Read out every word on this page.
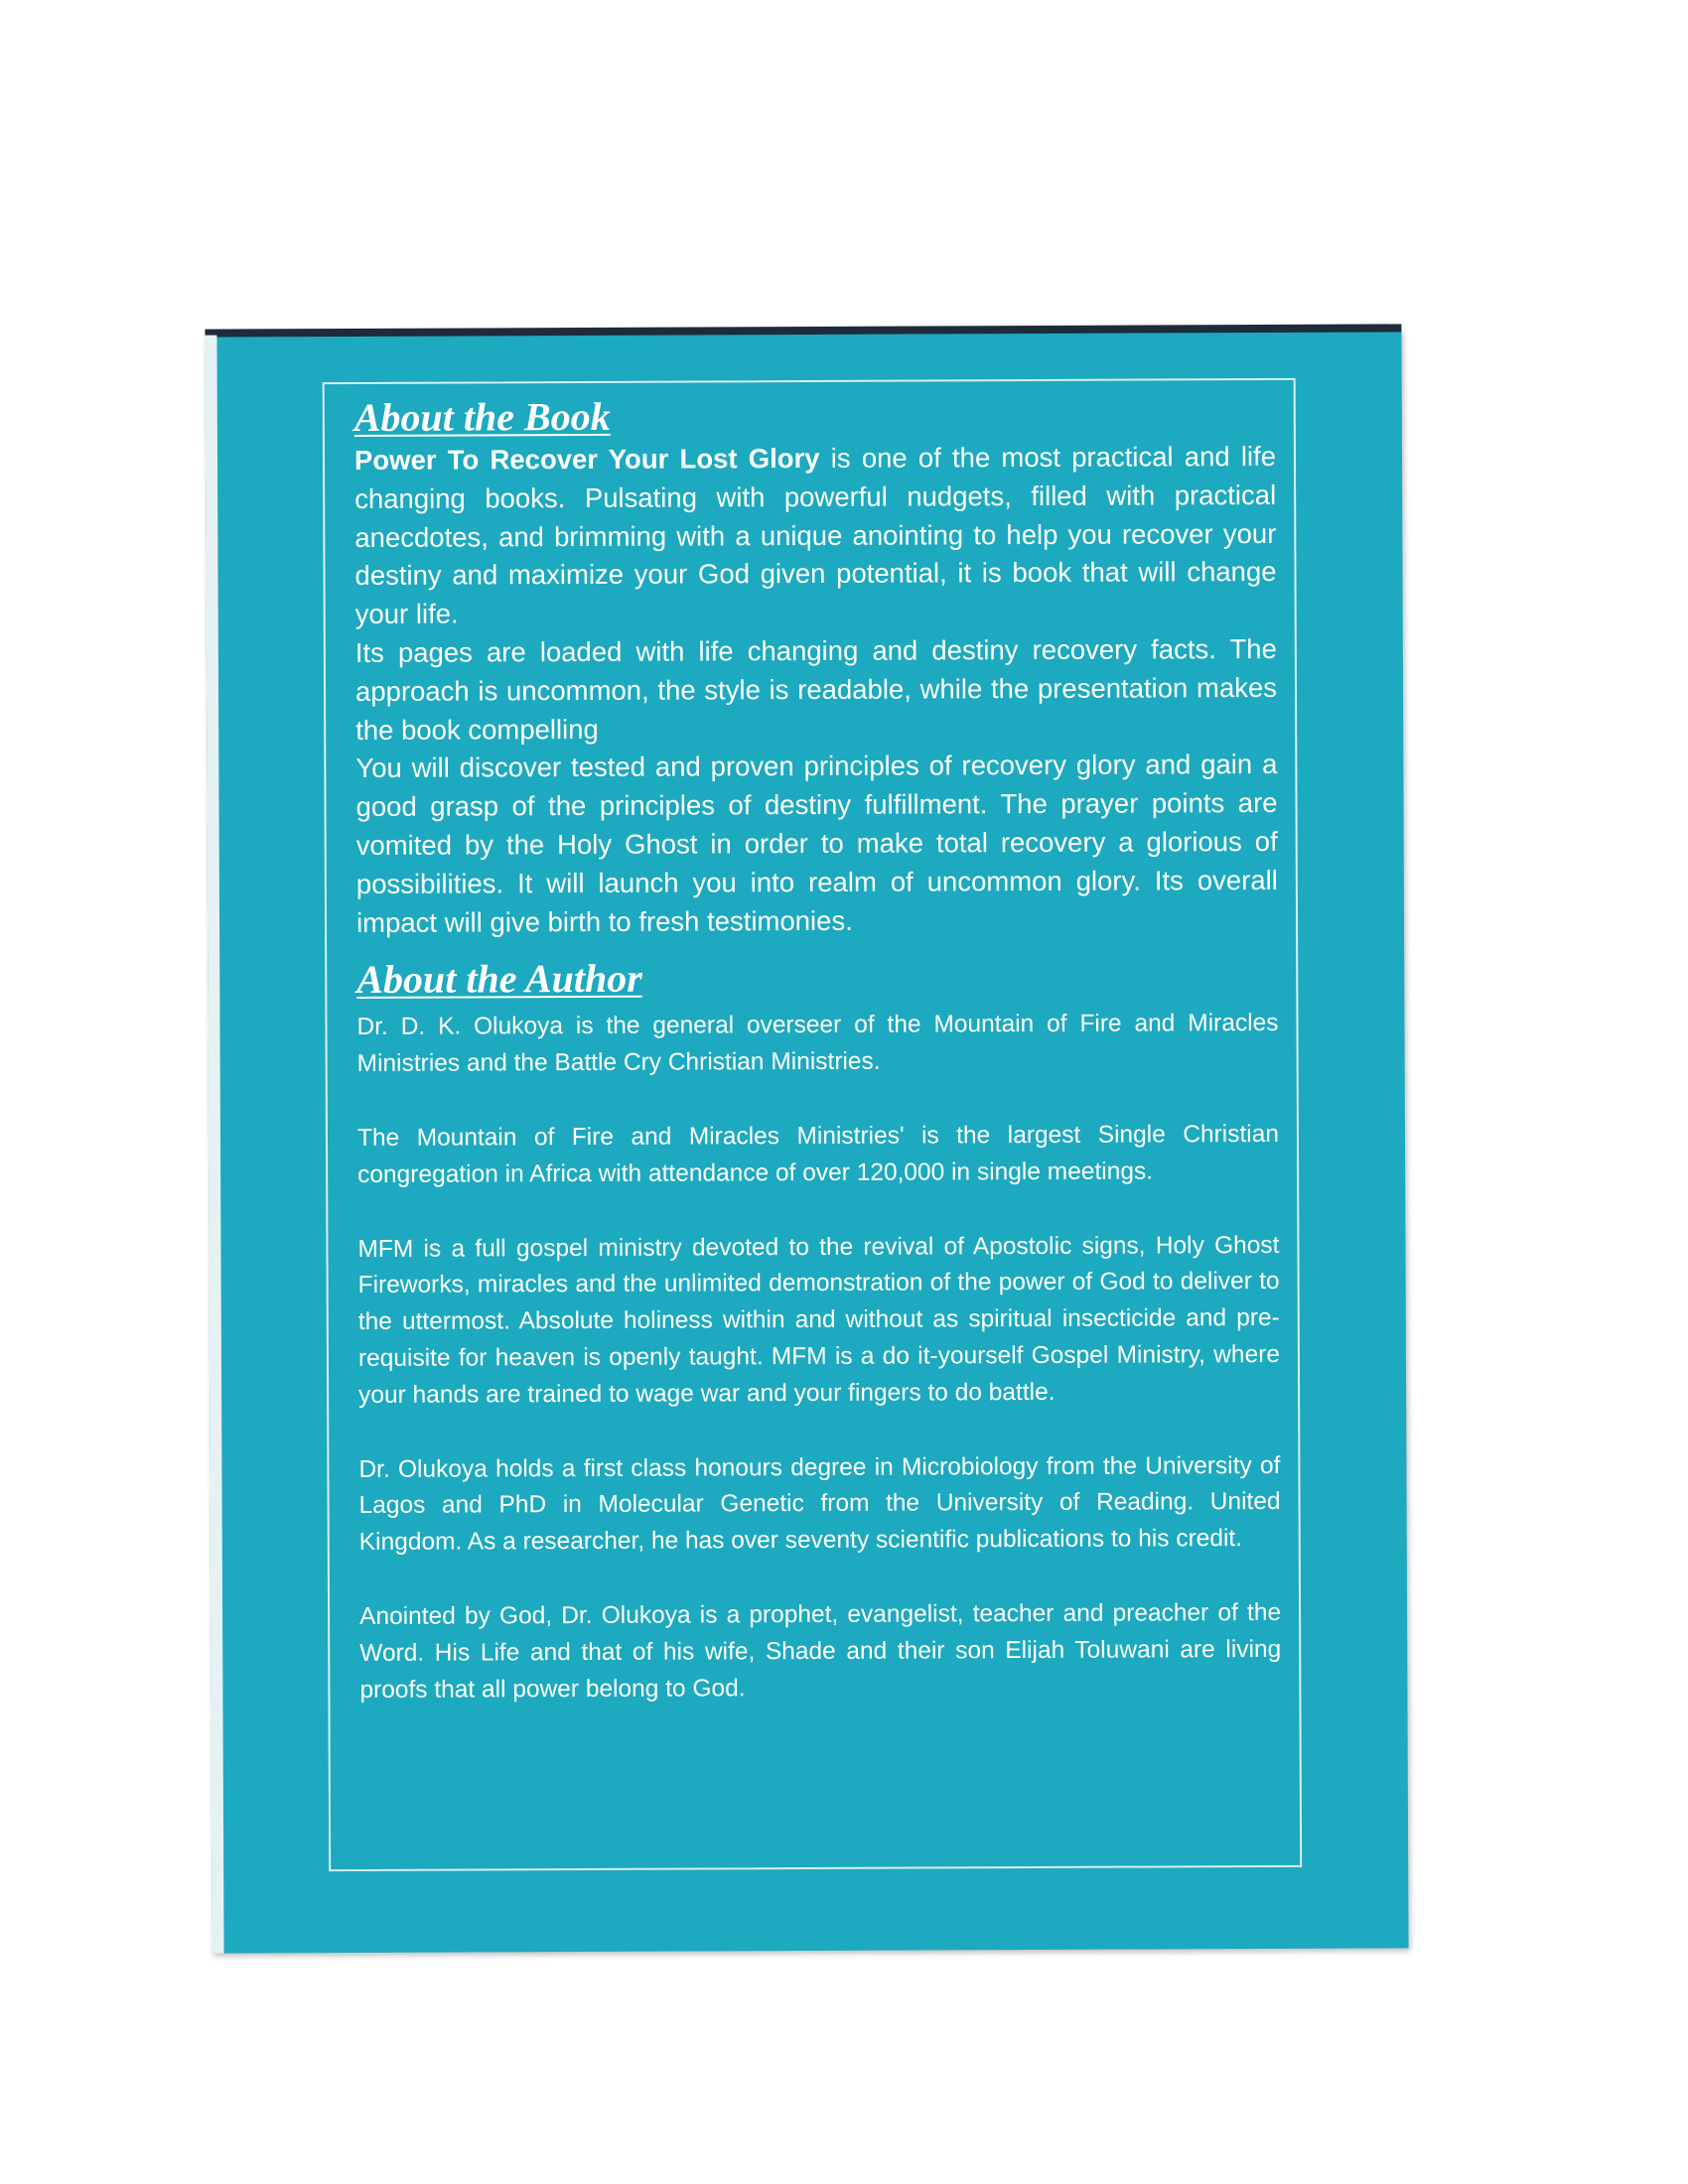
About the Book

Power To Recover Your Lost Glory is one of the most practical and life changing books. Pulsating with powerful nudgets, filled with practical anecdotes, and brimming with a unique anointing to help you recover your destiny and maximize your God given potential, it is book that will change your life.

Its pages are loaded with life changing and destiny recovery facts. The approach is uncommon, the style is readable, while the presentation makes the book compelling

You will discover tested and proven principles of recovery glory and gain a good grasp of the principles of destiny fulfillment. The prayer points are vomited by the Holy Ghost in order to make total recovery a glorious of possibilities. It will launch you into realm of uncommon glory. Its overall impact will give birth to fresh testimonies.

About the Author

Dr. D. K. Olukoya is the general overseer of the Mountain of Fire and Miracles Ministries and the Battle Cry Christian Ministries.

The Mountain of Fire and Miracles Ministries' is the largest Single Christian congregation in Africa with attendance of over 120,000 in single meetings.

MFM is a full gospel ministry devoted to the revival of Apostolic signs, Holy Ghost Fireworks, miracles and the unlimited demonstration of the power of God to deliver to the uttermost. Absolute holiness within and without as spiritual insecticide and pre-requisite for heaven is openly taught. MFM is a do it-yourself Gospel Ministry, where your hands are trained to wage war and your fingers to do battle.

Dr. Olukoya holds a first class honours degree in Microbiology from the University of Lagos and PhD in Molecular Genetic from the University of Reading. United Kingdom. As a researcher, he has over seventy scientific publications to his credit.

Anointed by God, Dr. Olukoya is a prophet, evangelist, teacher and preacher of the Word. His Life and that of his wife, Shade and their son Elijah Toluwani are living proofs that all power belong to God.
